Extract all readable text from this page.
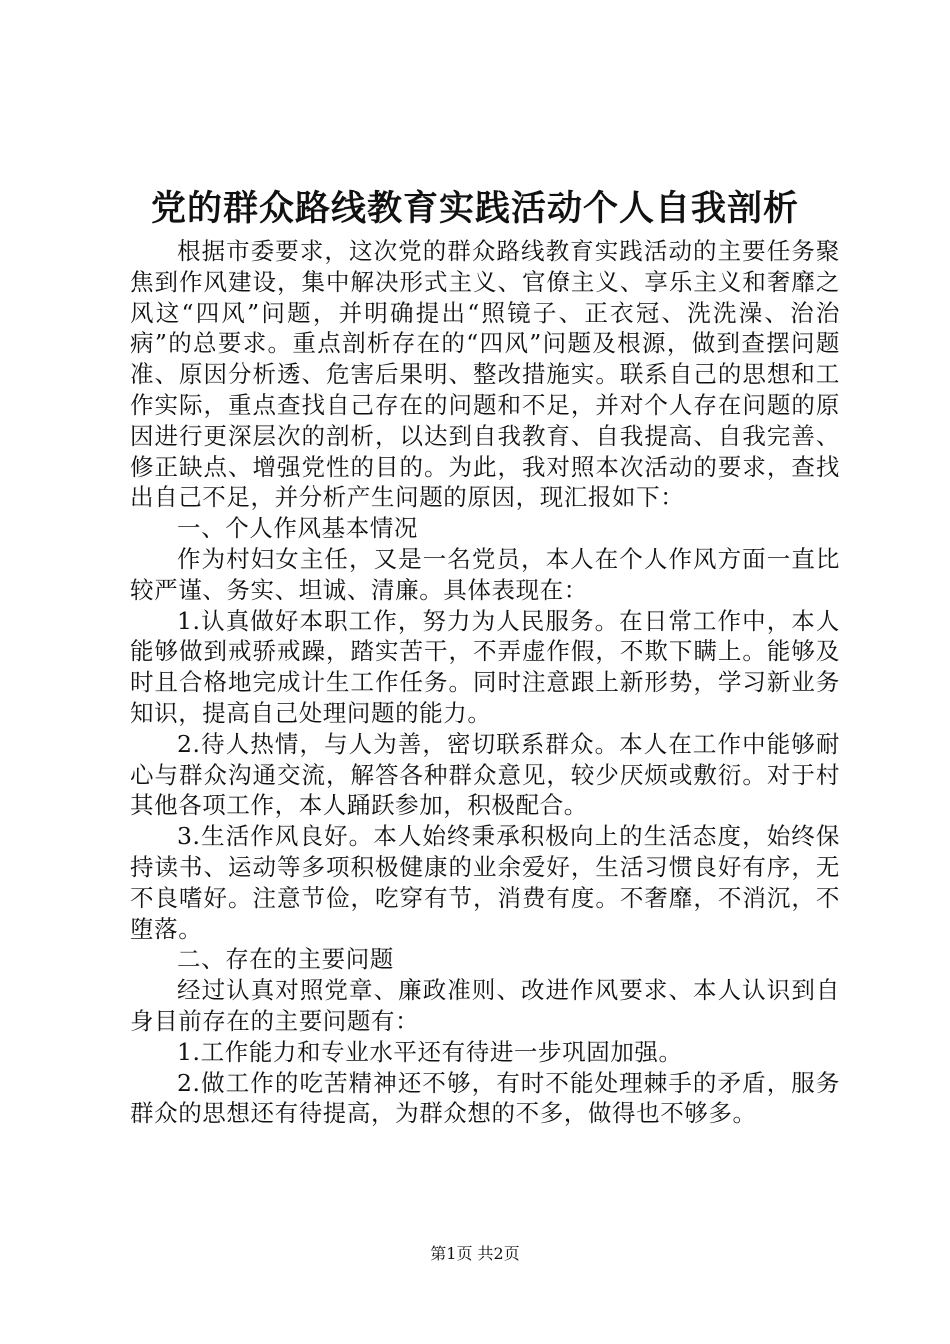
党的群众路线教育实践活动个人自我剖析

根据市委要求，这次党的群众路线教育实践活动的主要任务聚焦到作风建设，集中解决形式主义、官僚主义、享乐主义和奢靡之风这“四风”问题，并明确提出“照镜子、正衣冠、洗洗澡、治治病”的总要求。重点剖析存在的“四风”问题及根源，做到查摆问题准、原因分析透、危害后果明、整改措施实。联系自己的思想和工作实际，重点查找自己存在的问题和不足，并对个人存在问题的原因进行更深层次的剖析，以达到自我教育、自我提高、自我完善、修正缺点、增强党性的目的。为此，我对照本次活动的要求，查找出自己不足，并分析产生问题的原因，现汇报如下：

一、个人作风基本情况

作为村妇女主任，又是一名党员，本人在个人作风方面一直比较严谨、务实、坦诚、清廉。具体表现在：

1.认真做好本职工作，努力为人民服务。在日常工作中，本人能够做到戒骄戒躁，踏实苦干，不弄虚作假，不欺下瞒上。能够及时且合格地完成计生工作任务。同时注意跟上新形势，学习新业务知识，提高自己处理问题的能力。

2.待人热情，与人为善，密切联系群众。本人在工作中能够耐心与群众沟通交流，解答各种群众意见，较少厌烦或敷衍。对于村其他各项工作，本人踊跃参加，积极配合。

3.生活作风良好。本人始终秉承积极向上的生活态度，始终保持读书、运动等多项积极健康的业余爱好，生活习惯良好有序，无不良嗜好。注意节俭，吃穿有节，消费有度。不奢靡，不消沉，不堕落。

二、存在的主要问题

经过认真对照党章、廉政准则、改进作风要求、本人认识到自身目前存在的主要问题有：

1.工作能力和专业水平还有待进一步巩固加强。

2.做工作的吃苦精神还不够，有时不能处理棘手的矛盾，服务群众的思想还有待提高，为群众想的不多，做得也不够多。

第1页 共2页
